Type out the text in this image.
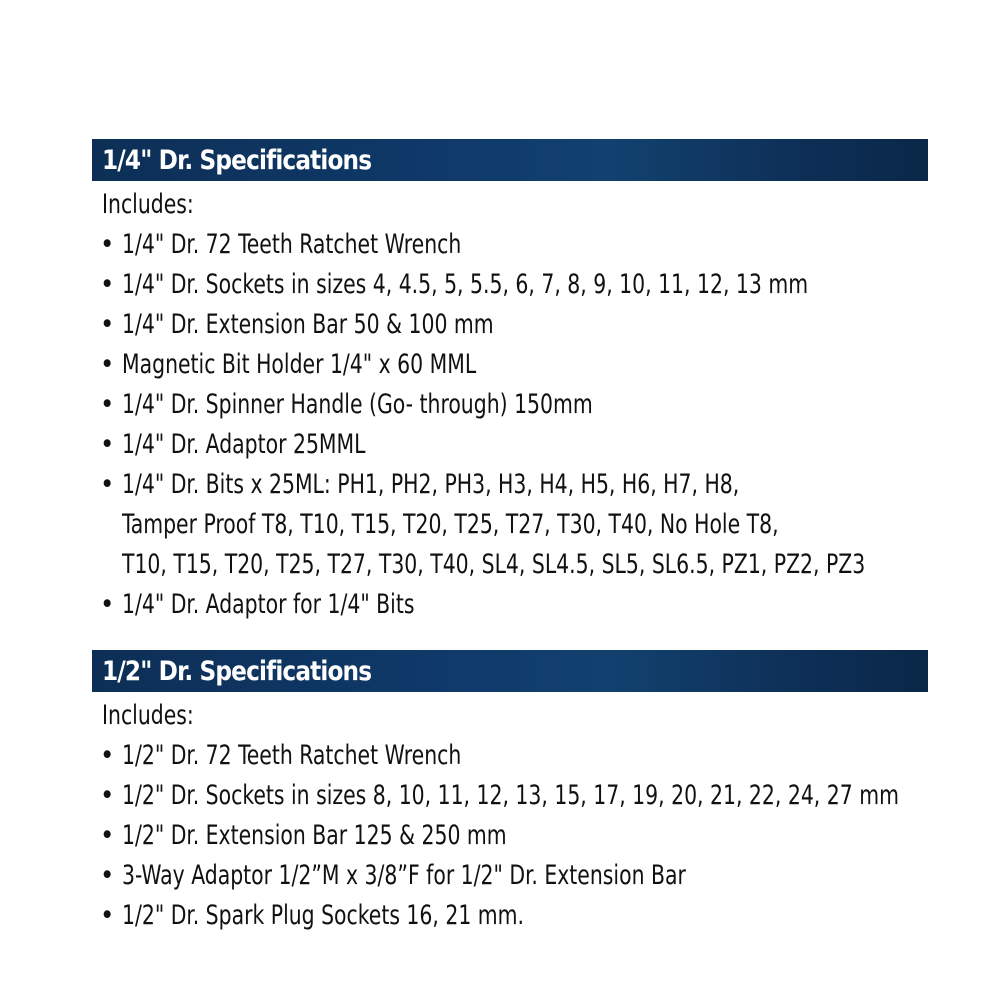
1/4" Dr. Specifications
Includes:
• 1/4" Dr. 72 Teeth Ratchet Wrench
• 1/4" Dr. Sockets in sizes 4, 4.5, 5, 5.5, 6, 7, 8, 9, 10, 11, 12, 13 mm
• 1/4" Dr. Extension Bar 50 & 100 mm
• Magnetic Bit Holder 1/4" x 60 MML
• 1/4" Dr. Spinner Handle (Go- through) 150mm
• 1/4" Dr. Adaptor 25MML
• 1/4" Dr. Bits x 25ML: PH1, PH2, PH3, H3, H4, H5, H6, H7, H8,
Tamper Proof T8, T10, T15, T20, T25, T27, T30, T40, No Hole T8,
T10, T15, T20, T25, T27, T30, T40, SL4, SL4.5, SL5, SL6.5, PZ1, PZ2, PZ3
• 1/4" Dr. Adaptor for 1/4" Bits
1/2" Dr. Specifications
Includes:
• 1/2" Dr. 72 Teeth Ratchet Wrench
• 1/2" Dr. Sockets in sizes 8, 10, 11, 12, 13, 15, 17, 19, 20, 21, 22, 24, 27 mm
• 1/2" Dr. Extension Bar 125 & 250 mm
• 3-Way Adaptor 1/2”M x 3/8”F for 1/2" Dr. Extension Bar
• 1/2" Dr. Spark Plug Sockets 16, 21 mm.
